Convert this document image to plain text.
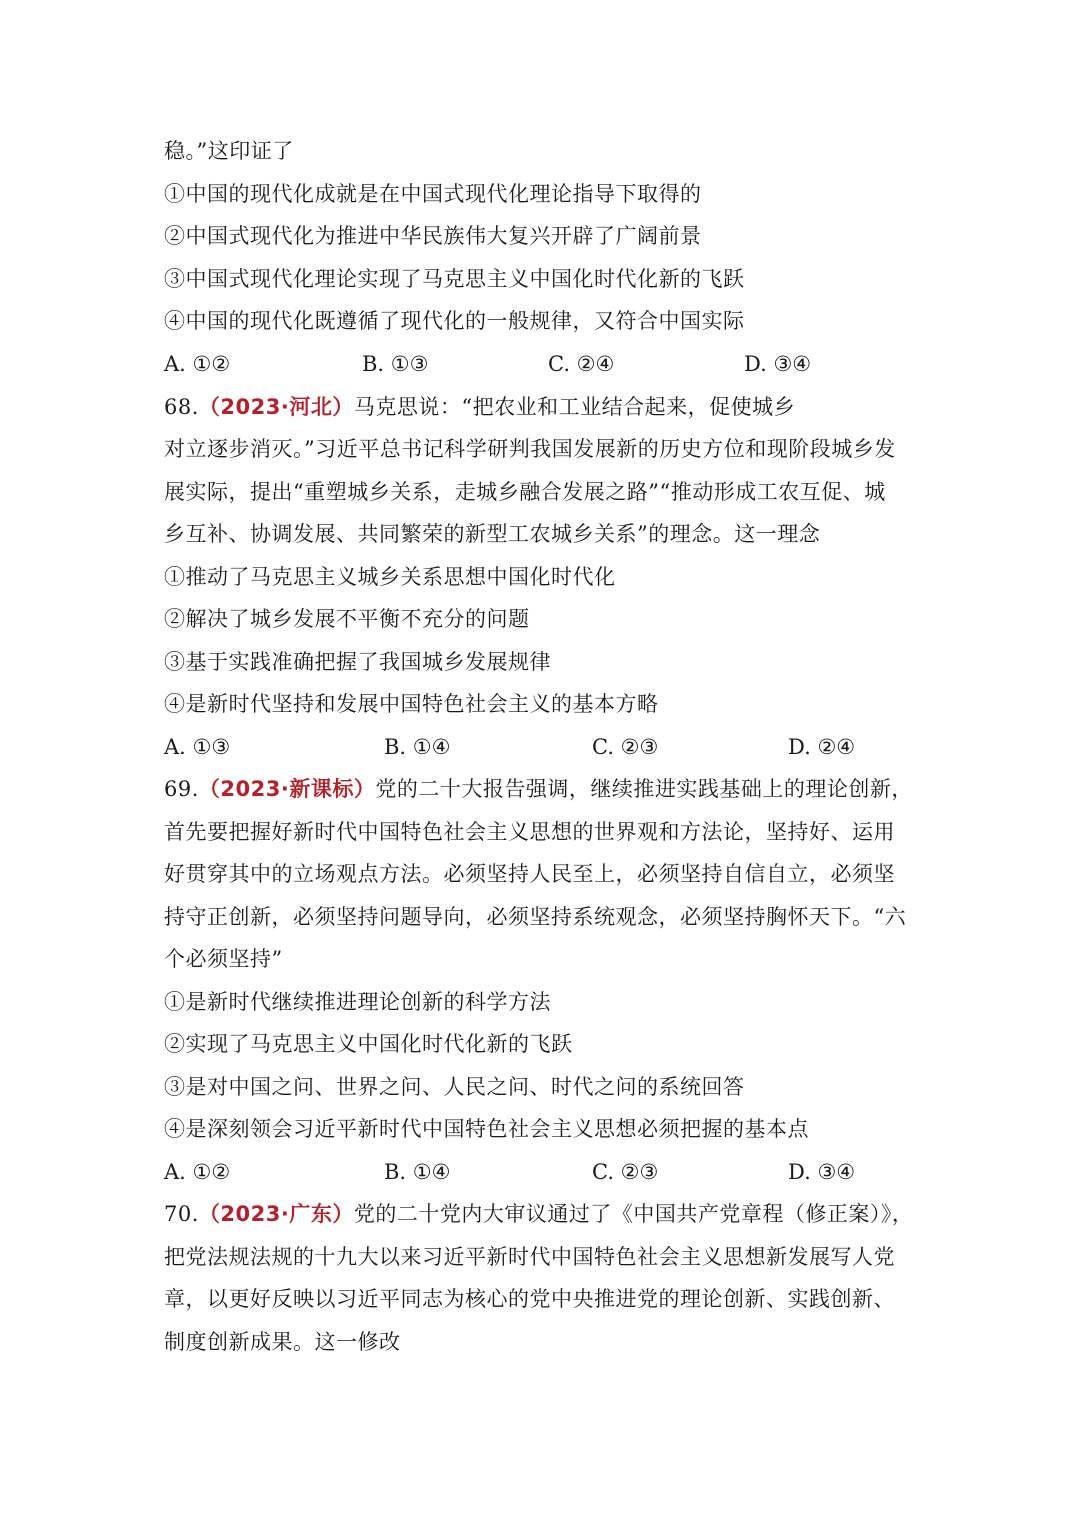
稳。”这印证了
①中国的现代化成就是在中国式现代化理论指导下取得的
②中国式现代化为推进中华民族伟大复兴开辟了广阔前景
③中国式现代化理论实现了马克思主义中国化时代化新的飞跃
④中国的现代化既遵循了现代化的一般规律，又符合中国实际
A. ①②	B. ①③	C. ②④	D. ③④
68.（2023·河北）马克思说：“把农业和工业结合起来，促使城乡
对立逐步消灭。”习近平总书记科学研判我国发展新的历史方位和现阶段城乡发
展实际，提出“重塑城乡关系，走城乡融合发展之路”“推动形成工农互促、城
乡互补、协调发展、共同繁荣的新型工农城乡关系”的理念。这一理念
①推动了马克思主义城乡关系思想中国化时代化
②解决了城乡发展不平衡不充分的问题
③基于实践准确把握了我国城乡发展规律
④是新时代坚持和发展中国特色社会主义的基本方略
A. ①③	B. ①④	C. ②③	D. ②④
69.（2023·新课标）党的二十大报告强调，继续推进实践基础上的理论创新，
首先要把握好新时代中国特色社会主义思想的世界观和方法论，坚持好、运用
好贯穿其中的立场观点方法。必须坚持人民至上，必须坚持自信自立，必须坚
持守正创新，必须坚持问题导向，必须坚持系统观念，必须坚持胸怀天下。“六
个必须坚持”
①是新时代继续推进理论创新的科学方法
②实现了马克思主义中国化时代化新的飞跃
③是对中国之问、世界之问、人民之问、时代之问的系统回答
④是深刻领会习近平新时代中国特色社会主义思想必须把握的基本点
A. ①②	B. ①④	C. ②③	D. ③④
70.（2023·广东）党的二十党内大审议通过了《中国共产党章程（修正案）》，
把党法规法规的十九大以来习近平新时代中国特色社会主义思想新发展写人党
章，以更好反映以习近平同志为核心的党中央推进党的理论创新、实践创新、
制度创新成果。这一修改
